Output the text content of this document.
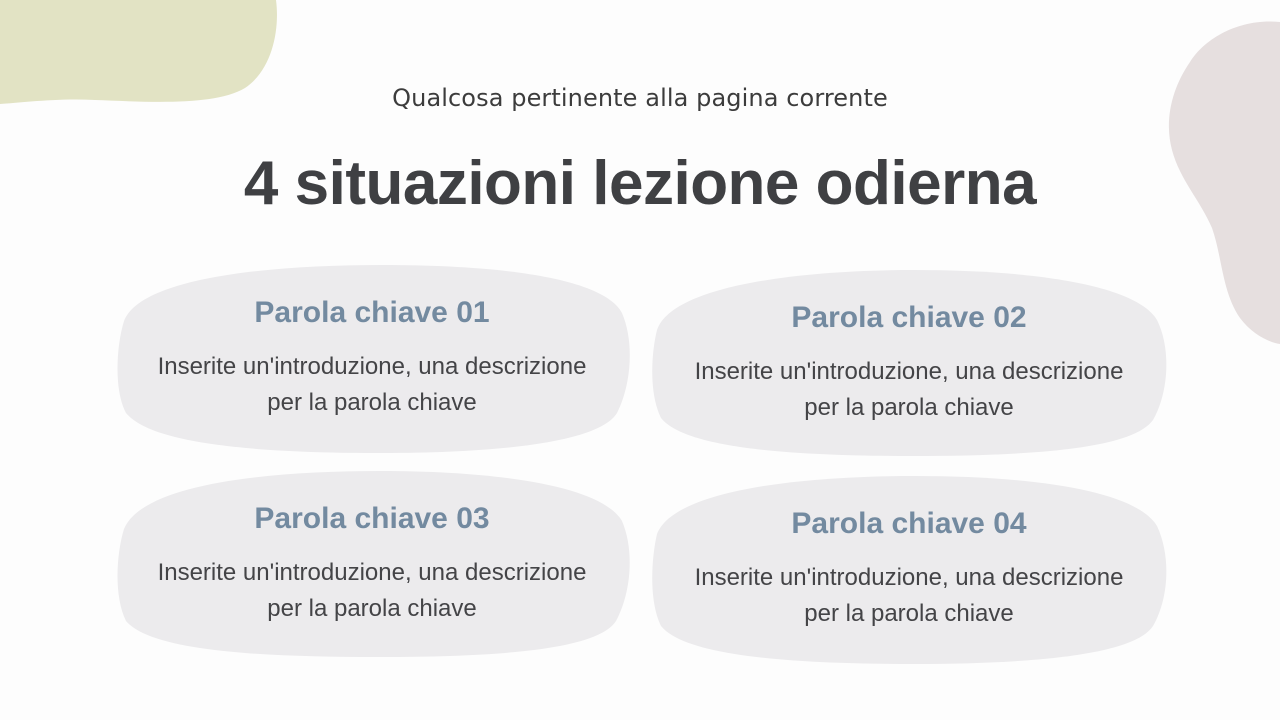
Qualcosa pertinente alla pagina corrente
4 situazioni lezione odierna
Parola chiave 01
Inserite un'introduzione, una descrizione per la parola chiave
Parola chiave 02
Inserite un'introduzione, una descrizione per la parola chiave
Parola chiave 03
Inserite un'introduzione, una descrizione per la parola chiave
Parola chiave 04
Inserite un'introduzione, una descrizione per la parola chiave
